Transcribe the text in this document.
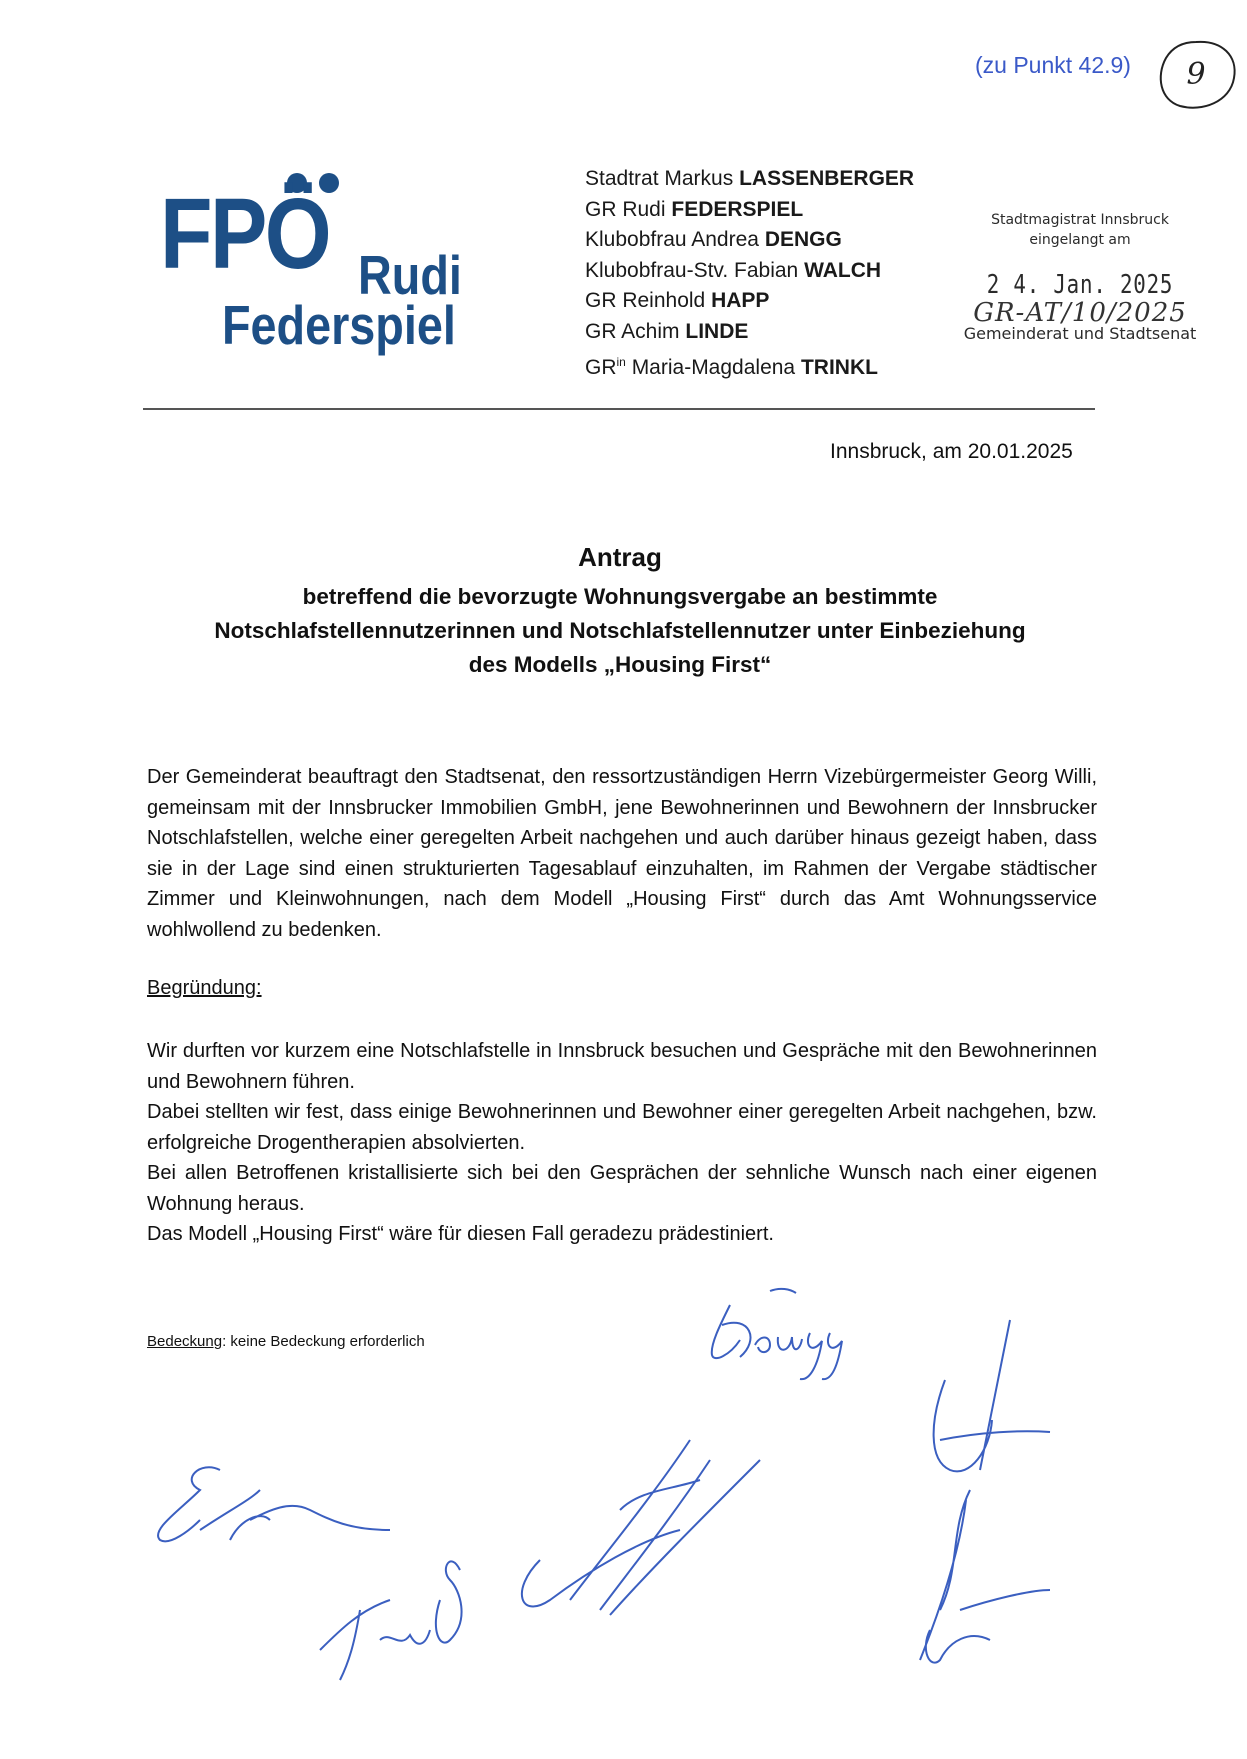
(zu Punkt 42.9) 9
FPÖ Rudi
Federspiel
Stadtrat Markus LASSENBERGER
GR Rudi FEDERSPIEL
Klubobfrau Andrea DENGG
Klubobfrau-Stv. Fabian WALCH
GR Reinhold HAPP
GR Achim LINDE
$GR^{in}$ Maria-Magdalena TRINKL
Stadtmagistrat Innsbruck
eingelangt am
2 4. Jan. 2025
GR-AT/10/2025
Gemeinderat und Stadtsenat
Innsbruck, am 20.01.2025
Antrag
betreffend die bevorzugte Wohnungsvergabe an bestimmte
Notschlafstellennutzerinnen und Notschlafstellennutzer unter Einbeziehung
des Modells „Housing First“

Der Gemeinderat beauftragt den Stadtsenat, den ressortzuständigen Herrn Vizebürgermeister Georg Willi, gemeinsam mit der Innsbrucker Immobilien GmbH, jene Bewohnerinnen und Bewohnern der Innsbrucker Notschlafstellen, welche einer geregelten Arbeit nachgehen und auch darüber hinaus gezeigt haben, dass sie in der Lage sind einen strukturierten Tagesablauf einzuhalten, im Rahmen der Vergabe städtischer Zimmer und Kleinwohnungen, nach dem Modell „Housing First“ durch das Amt Wohnungsservice wohlwollend zu bedenken.

Begründung:

Wir durften vor kurzem eine Notschlafstelle in Innsbruck besuchen und Gespräche mit den Bewohnerinnen und Bewohnern führen.

Dabei stellten wir fest, dass einige Bewohnerinnen und Bewohner einer geregelten Arbeit nachgehen, bzw. erfolgreiche Drogentherapien absolvierten.

Bei allen Betroffenen kristallisierte sich bei den Gesprächen der sehnliche Wunsch nach einer eigenen Wohnung heraus.

Das Modell „Housing First“ wäre für diesen Fall geradezu prädestiniert.

Bedeckung: keine Bedeckung erforderlich
